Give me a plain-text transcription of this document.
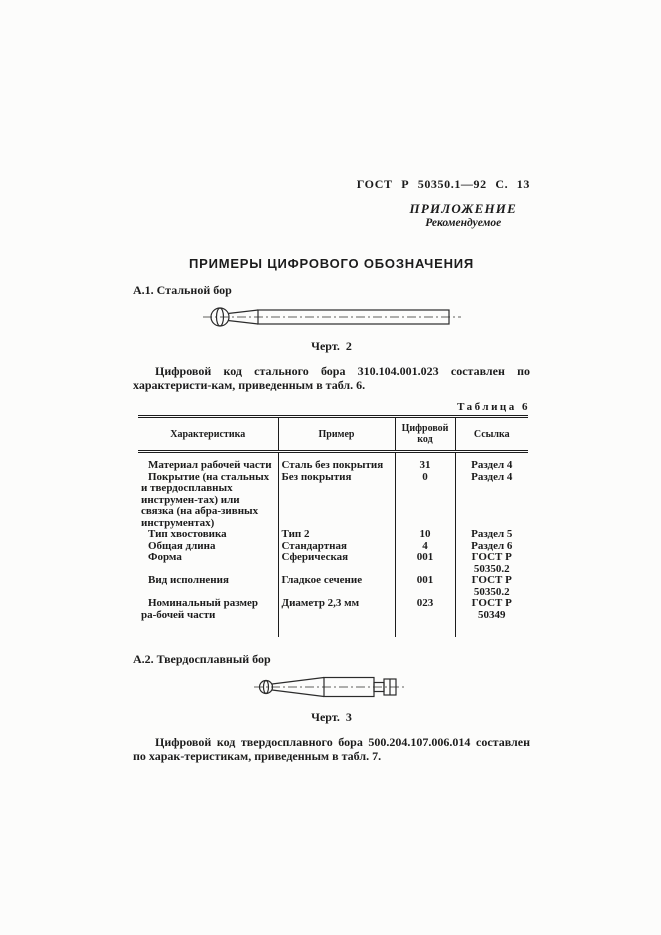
ГОСТ Р 50350.1—92 С. 13
ПРИЛОЖЕНИЕ
Рекомендуемое
ПРИМЕРЫ ЦИФРОВОГО ОБОЗНАЧЕНИЯ
А.1. Стальной бор
Черт. 2

Цифровой код стального бора 310.104.001.023 составлен по характеристи-кам, приведенным в табл. 6.

Таблица 6
Характеристика	Пример	Цифровой код	Ссылка
Материал рабочей части	Сталь без покрытия	31	Раздел 4
Покрытие (на стальных и твердосплавных инструмен-тах) или связка (на абра-зивных инструментах)	Без покрытия	0	Раздел 4
Тип хвостовика	Тип 2	10	Раздел 5
Общая длина	Стандартная	4	Раздел 6
Форма	Сферическая	001	ГОСТ Р 50350.2
Вид исполнения	Гладкое сечение	001	ГОСТ Р 50350.2
Номинальный размер ра-бочей части	Диаметр 2,3 мм	023	ГОСТ Р 50349
А.2. Твердосплавный бор
Черт. 3

Цифровой код твердосплавного бора 500.204.107.006.014 составлен по харак-теристикам, приведенным в табл. 7.
